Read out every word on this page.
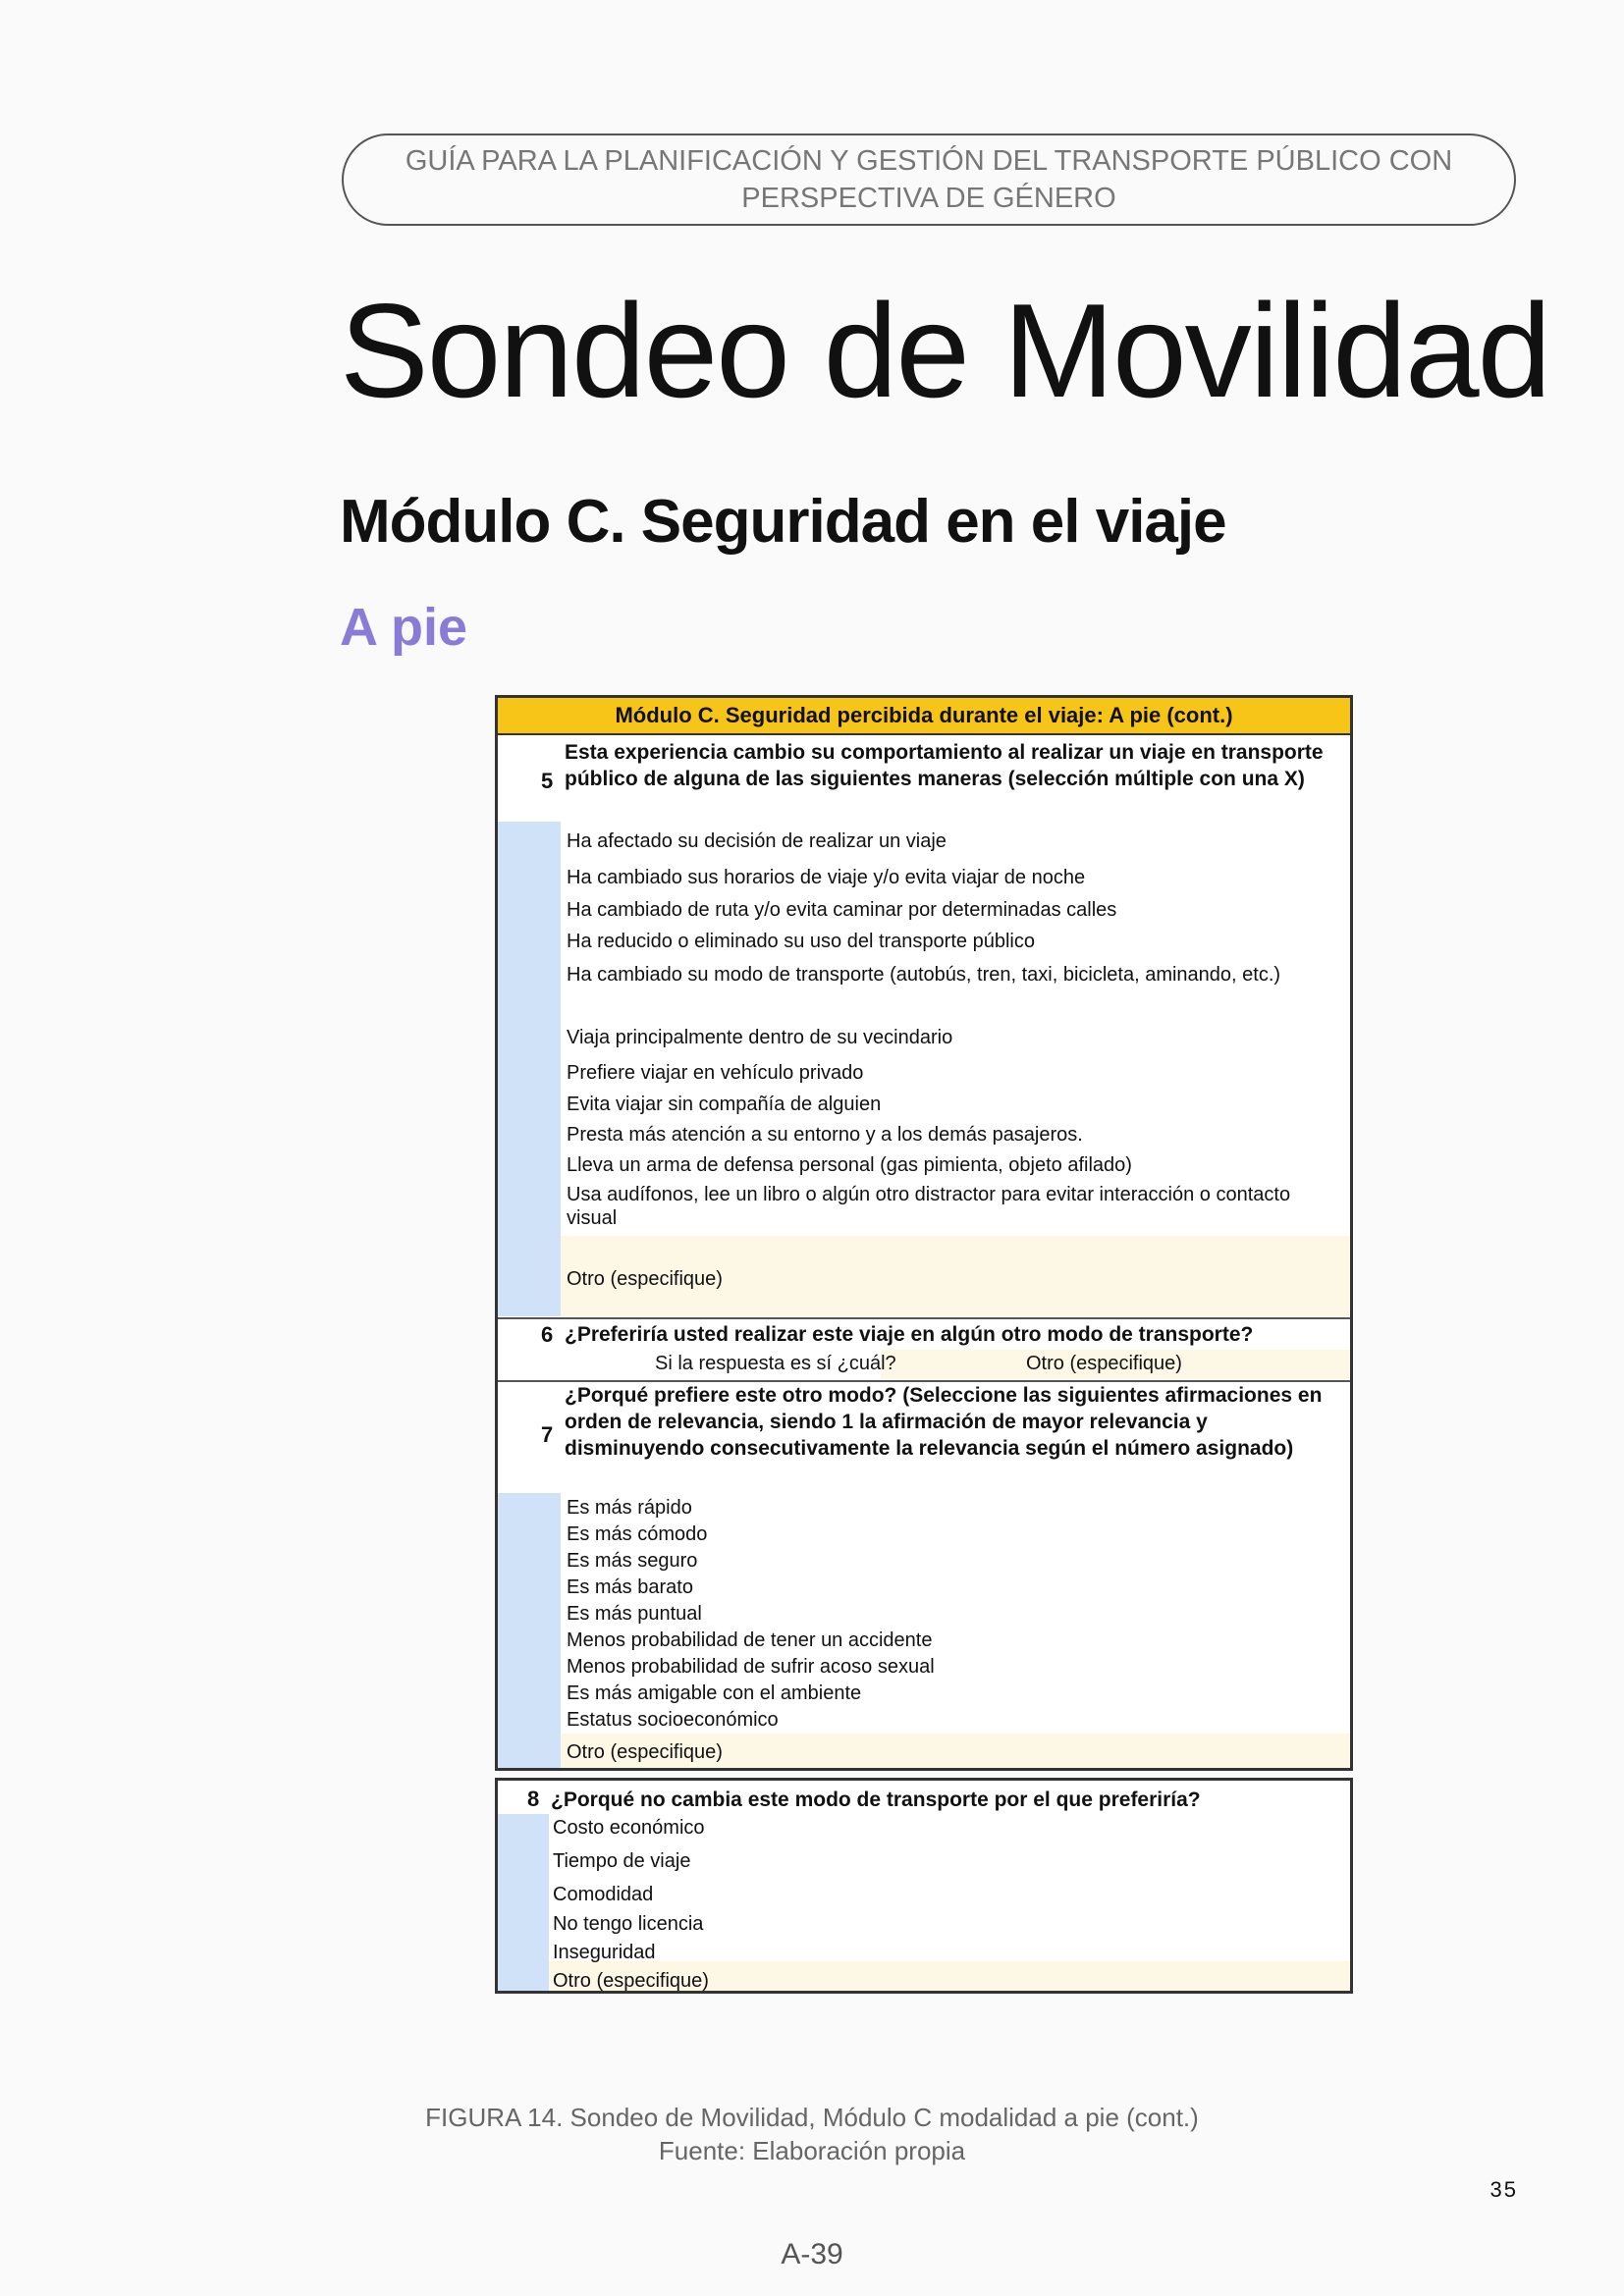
GUÍA PARA LA PLANIFICACIÓN Y GESTIÓN DEL TRANSPORTE PÚBLICO CON
PERSPECTIVA DE GÉNERO
Sondeo de Movilidad
Módulo C. Seguridad en el viaje
A pie
Módulo C. Seguridad percibida durante el viaje: A pie (cont.)
5
Esta experiencia cambio su comportamiento al realizar un viaje en transporte público de alguna de las siguientes maneras (selección múltiple con una X)
Ha afectado su decisión de realizar un viaje
Ha cambiado sus horarios de viaje y/o evita viajar de noche
Ha cambiado de ruta y/o evita caminar por determinadas calles
Ha reducido o eliminado su uso del transporte público
Ha cambiado su modo de transporte (autobús, tren, taxi, bicicleta, aminando, etc.)
Viaja principalmente dentro de su vecindario
Prefiere viajar en vehículo privado
Evita viajar sin compañía de alguien
Presta más atención a su entorno y a los demás pasajeros.
Lleva un arma de defensa personal (gas pimienta, objeto afilado)
Usa audífonos, lee un libro o algún otro distractor para evitar interacción o contacto visual
Otro (especifique)
6 ¿Preferiría usted realizar este viaje en algún otro modo de transporte?
Si la respuesta es sí ¿cuál?	Otro (especifique)
7
¿Porqué prefiere este otro modo? (Seleccione las siguientes afirmaciones en orden de relevancia, siendo 1 la afirmación de mayor relevancia y disminuyendo consecutivamente la relevancia según el número asignado)
Es más rápido
Es más cómodo
Es más seguro
Es más barato
Es más puntual
Menos probabilidad de tener un accidente
Menos probabilidad de sufrir acoso sexual
Es más amigable con el ambiente
Estatus socioeconómico
Otro (especifique)
8 ¿Porqué no cambia este modo de transporte por el que preferiría?
Costo económico
Tiempo de viaje
Comodidad
No tengo licencia
Inseguridad
Otro (especifique)
FIGURA 14. Sondeo de Movilidad, Módulo C modalidad a pie (cont.)
Fuente: Elaboración propia
35
A-39
